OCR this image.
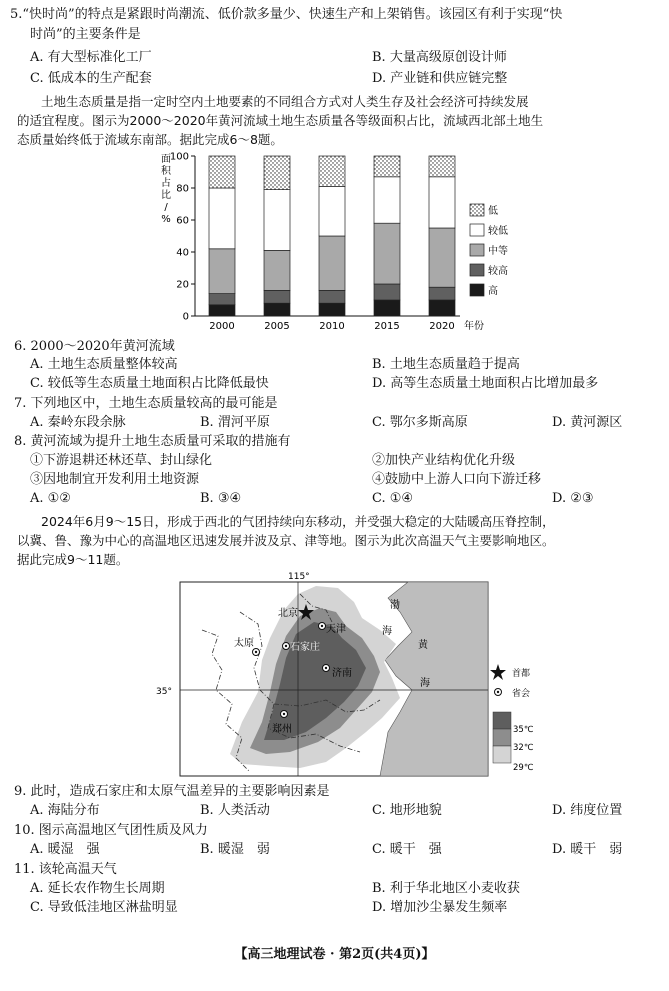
5.“快时尚”的特点是紧跟时尚潮流、低价款多量少、快速生产和上架销售。该园区有利于实现“快
时尚”的主要条件是
A. 有大型标准化工厂	B. 大量高级原创设计师
C. 低成本的生产配套	D. 产业链和供应链完整
土地生态质量是指一定时空内土地要素的不同组合方式对人类生存及社会经济可持续发展
的适宜程度。图示为2000～2020年黄河流域土地生态质量各等级面积占比，流域西北部土地生
态质量始终低于流域东南部。据此完成6～8题。
面
积
占
比
/
%
0
20
40
60
80
100
2000	2005	2010	2015	2020 年份
低
较低
中等
较高
高
6. 2000～2020年黄河流域
A. 土地生态质量整体较高	B. 土地生态质量趋于提高
C. 较低等生态质量土地面积占比降低最快	D. 高等生态质量土地面积占比增加最多
7. 下列地区中，土地生态质量较高的最可能是
A. 秦岭东段余脉	B. 渭河平原	C. 鄂尔多斯高原	D. 黄河源区
8. 黄河流域为提升土地生态质量可采取的措施有
①下游退耕还林还草、封山绿化	②加快产业结构优化升级
③因地制宜开发利用土地资源	④鼓励中上游人口向下游迁移
A. ①②	B. ③④	C. ①④	D. ②③
2024年6月9～15日，形成于西北的气团持续向东移动，并受强大稳定的大陆暖高压脊控制，
以冀、鲁、豫为中心的高温地区迅速发展并波及京、津等地。图示为此次高温天气主要影响地区。
据此完成9～11题。
115°
35°
北京
天津
太原	石家庄
济南
郑州
渤
海
黄
海
首都
省会
35℃
32℃
29℃
9. 此时，造成石家庄和太原气温差异的主要影响因素是
A. 海陆分布	B. 人类活动	C. 地形地貌	D. 纬度位置
10. 图示高温地区气团性质及风力
A. 暖湿　强	B. 暖湿　弱	C. 暖干　强	D. 暖干　弱
11. 该轮高温天气
A. 延长农作物生长周期	B. 利于华北地区小麦收获
C. 导致低洼地区淋盐明显	D. 增加沙尘暴发生频率
【高三地理试卷 · 第2页(共4页)】
